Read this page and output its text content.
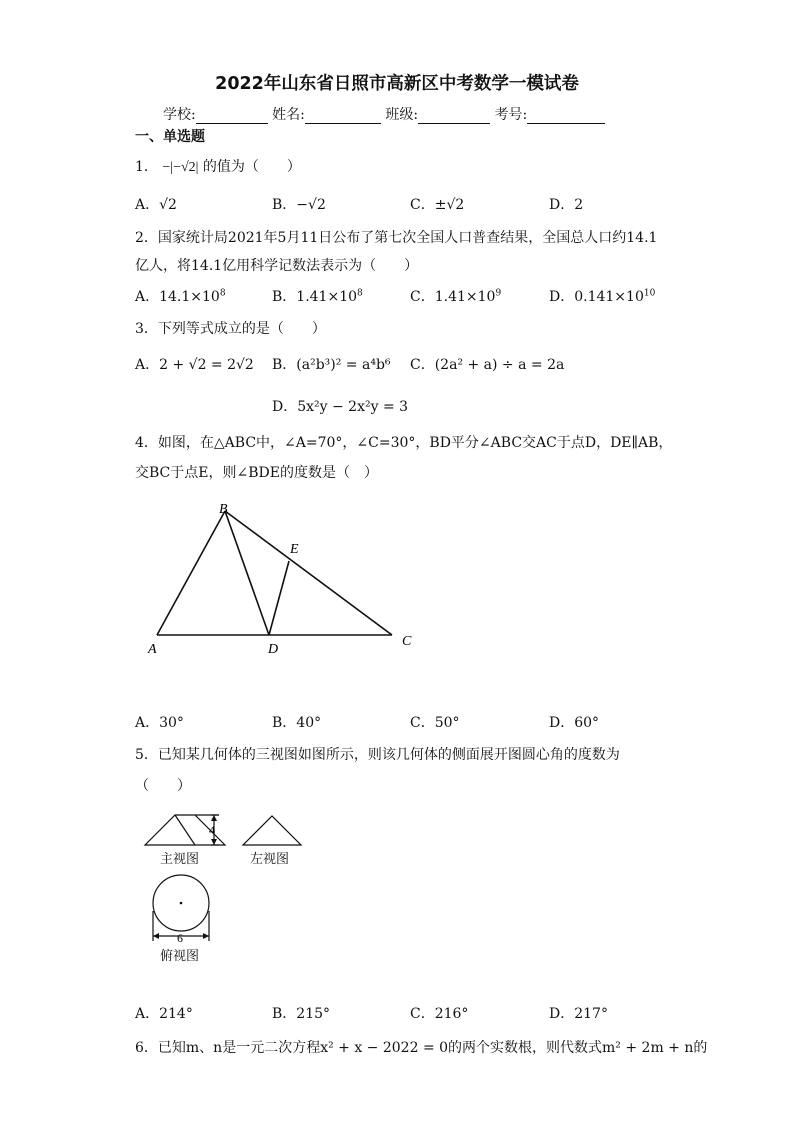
2022年山东省日照市高新区中考数学一模试卷
学校:	姓名:	班级:	考号:
一、单选题
1． −|−√2| 的值为（　　）
A．√2	B．−√2	C．±√2	D．2
2．国家统计局2021年5月11日公布了第七次全国人口普查结果，全国总人口约14.1
亿人，将14.1亿用科学记数法表示为（　　）
A．$14.1\times 10^8$	B．$1.41\times 10^8$	C．$1.41\times 10^9$	D．$0.141\times 10^{10}$
3．下列等式成立的是（　　）
A．2 + √2 = 2√2 B．(a²b³)² = a⁴b⁶ C．(2a² + a) ÷ a = 2a
D．5x²y − 2x²y = 3
4．如图，在△ABC中，∠A=70°，∠C=30°，BD平分∠ABC交AC于点D，DE∥AB，
交BC于点E，则∠BDE的度数是（　）
B
E
A	D
C
A．30°	B．40°	C．50°	D．60°
5．已知某几何体的三视图如图所示，则该几何体的侧面展开图圆心角的度数为
（　　）
4
6
主视图	左视图
俯视图
A．214°	B．215°	C．216°	D．217°
6．已知m、n是一元二次方程x² + x − 2022 = 0的两个实数根，则代数式m² + 2m + n的
